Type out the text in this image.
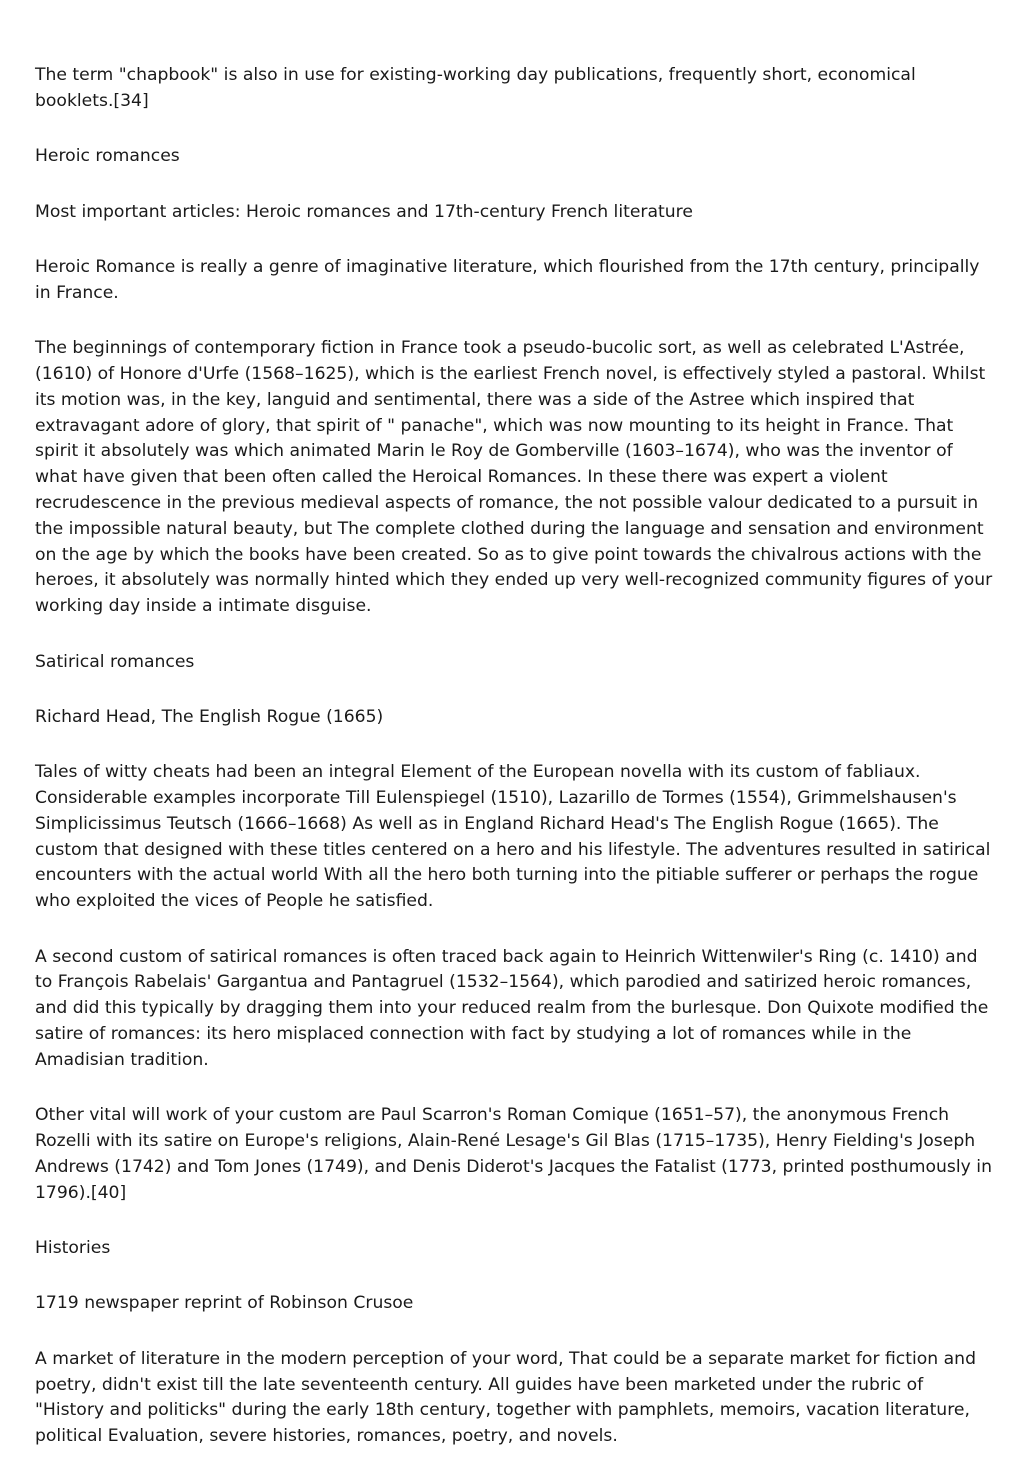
The term "chapbook" is also in use for existing-working day publications, frequently short, economical booklets.[34]

Heroic romances

Most important articles: Heroic romances and 17th-century French literature

Heroic Romance is really a genre of imaginative literature, which flourished from the 17th century, principally in France.

The beginnings of contemporary fiction in France took a pseudo-bucolic sort, as well as celebrated L'Astrée, (1610) of Honore d'Urfe (1568–1625), which is the earliest French novel, is effectively styled a pastoral. Whilst its motion was, in the key, languid and sentimental, there was a side of the Astree which inspired that extravagant adore of glory, that spirit of " panache", which was now mounting to its height in France. That spirit it absolutely was which animated Marin le Roy de Gomberville (1603–1674), who was the inventor of what have given that been often called the Heroical Romances. In these there was expert a violent recrudescence in the previous medieval aspects of romance, the not possible valour dedicated to a pursuit in the impossible natural beauty, but The complete clothed during the language and sensation and environment on the age by which the books have been created. So as to give point towards the chivalrous actions with the heroes, it absolutely was normally hinted which they ended up very well-recognized community figures of your working day inside a intimate disguise.

Satirical romances

Richard Head, The English Rogue (1665)

Tales of witty cheats had been an integral Element of the European novella with its custom of fabliaux. Considerable examples incorporate Till Eulenspiegel (1510), Lazarillo de Tormes (1554), Grimmelshausen's Simplicissimus Teutsch (1666–1668) As well as in England Richard Head's The English Rogue (1665). The custom that designed with these titles centered on a hero and his lifestyle. The adventures resulted in satirical encounters with the actual world With all the hero both turning into the pitiable sufferer or perhaps the rogue who exploited the vices of People he satisfied.

A second custom of satirical romances is often traced back again to Heinrich Wittenwiler's Ring (c. 1410) and to François Rabelais' Gargantua and Pantagruel (1532–1564), which parodied and satirized heroic romances, and did this typically by dragging them into your reduced realm from the burlesque. Don Quixote modified the satire of romances: its hero misplaced connection with fact by studying a lot of romances while in the Amadisian tradition.

Other vital will work of your custom are Paul Scarron's Roman Comique (1651–57), the anonymous French Rozelli with its satire on Europe's religions, Alain-René Lesage's Gil Blas (1715–1735), Henry Fielding's Joseph Andrews (1742) and Tom Jones (1749), and Denis Diderot's Jacques the Fatalist (1773, printed posthumously in 1796).[40]

Histories

1719 newspaper reprint of Robinson Crusoe

A market of literature in the modern perception of your word, That could be a separate market for fiction and poetry, didn't exist till the late seventeenth century. All guides have been marketed under the rubric of "History and politicks" during the early 18th century, together with pamphlets, memoirs, vacation literature, political Evaluation, severe histories, romances, poetry, and novels.
